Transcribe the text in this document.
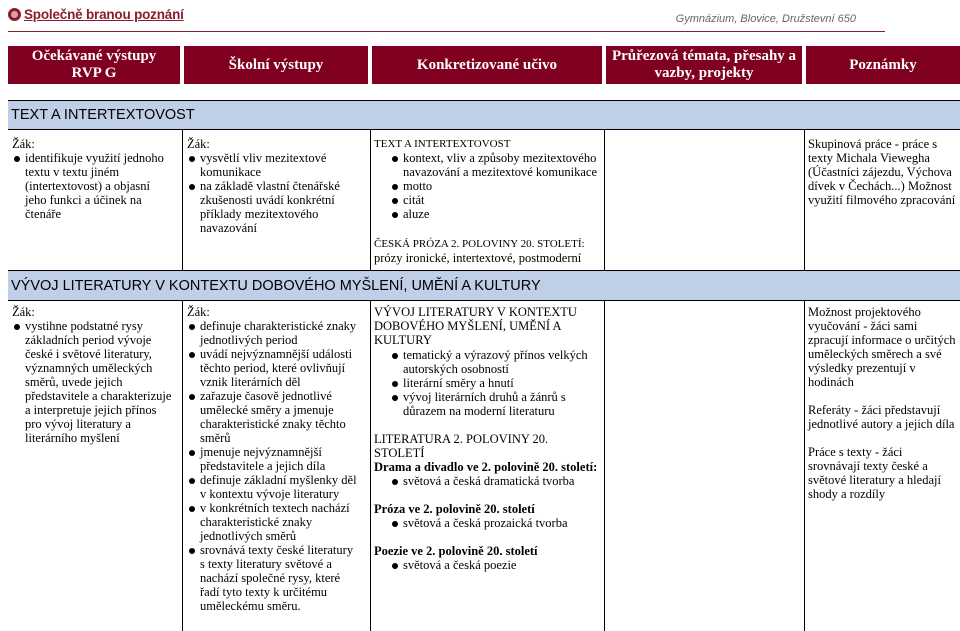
Společně branou poznání	Gymnázium, Blovice, Družstevní 650
Očekávané výstupy RVP G
Školní výstupy	Konkretizované učivo
Průřezová témata, přesahy a vazby, projekty
Poznámky
TEXT A INTERTEXTOVOST
Žák:
identifikuje využití jednoho textu v textu jiném (intertextovost) a objasní jeho funkci a účinek na čtenáře
Žák:
vysvětlí vliv mezitextové komunikace
na základě vlastní čtenářské zkušenosti uvádí konkrétní příklady mezitextového navazování
TEXT A INTERTEXTOVOST
kontext, vliv a způsoby mezitextového navazování a mezitextové komunikace
motto
citát
aluze
ČESKÁ PRÓZA 2. POLOVINY 20. STOLETÍ:
prózy ironické, intertextové, postmoderní
Skupinová práce - práce s texty Michala Viewegha (Účastníci zájezdu, Výchova dívek v Čechách...) Možnost využití filmového zpracování
VÝVOJ LITERATURY V KONTEXTU DOBOVÉHO MYŠLENÍ, UMĚNÍ A KULTURY
Žák:
vystihne podstatné rysy základních period vývoje české i světové literatury, významných uměleckých směrů, uvede jejich představitele a charakterizuje a interpretuje jejich přínos pro vývoj literatury a literárního myšlení
Žák:
definuje charakteristické znaky jednotlivých period
uvádí nejvýznamnější události těchto period, které ovlivňují vznik literárních děl
zařazuje časově jednotlivé umělecké směry a jmenuje charakteristické znaky těchto směrů
jmenuje nejvýznamnější představitele a jejich díla
definuje základní myšlenky děl v kontextu vývoje literatury
v konkrétních textech nachází charakteristické znaky jednotlivých směrů
srovnává texty české literatury s texty literatury světové a nachází společné rysy, které řadí tyto texty k určitému uměleckému směru.
VÝVOJ LITERATURY V KONTEXTU DOBOVÉHO MYŠLENÍ, UMĚNÍ A KULTURY
tematický a výrazový přínos velkých autorských osobností
literární směry a hnutí
vývoj literárních druhů a žánrů s důrazem na moderní literaturu
LITERATURA 2. POLOVINY 20. STOLETÍ
Drama a divadlo ve 2. polovině 20. století:
světová a česká dramatická tvorba
Próza ve 2. polovině 20. století
světová a česká prozaická tvorba
Poezie ve 2. polovině 20. století
světová a česká poezie
Možnost projektového vyučování - žáci sami zpracují informace o určitých uměleckých směrech a své výsledky prezentují v hodinách
Referáty - žáci představují jednotlivé autory a jejich díla
Práce s texty - žáci srovnávají texty české a světové literatury a hledají shody a rozdíly
